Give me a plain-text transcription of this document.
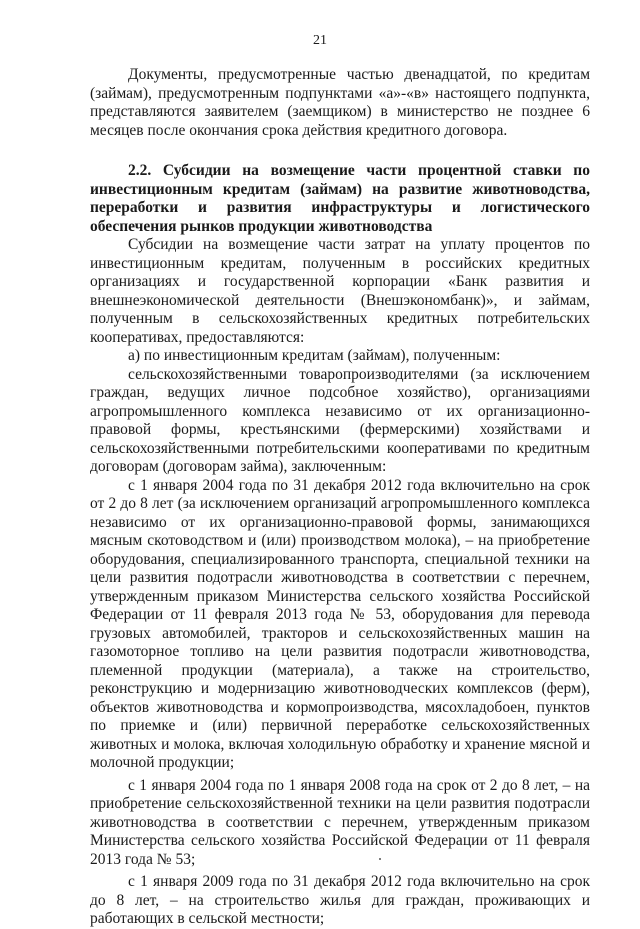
21

Документы, предусмотренные частью двенадцатой, по кредитам (займам), предусмотренным подпунктами «а»-«в» настоящего подпункта, представляются заявителем (заемщиком) в министерство не позднее 6 месяцев после окончания срока действия кредитного договора.

2.2. Субсидии на возмещение части процентной ставки по инвестиционным кредитам (займам) на развитие животноводства, переработки и развития инфраструктуры и логистического обеспечения рынков продукции животноводства

Субсидии на возмещение части затрат на уплату процентов по инвестиционным кредитам, полученным в российских кредитных организациях и государственной корпорации «Банк развития и внешнеэкономической деятельности (Внешэкономбанк)», и займам, полученным в сельскохозяйственных кредитных потребительских кооперативах, предоставляются:

а) по инвестиционным кредитам (займам), полученным:

сельскохозяйственными товаропроизводителями (за исключением граждан, ведущих личное подсобное хозяйство), организациями агропромышленного комплекса независимо от их организационно-правовой формы, крестьянскими (фермерскими) хозяйствами и сельскохозяйственными потребительскими кооперативами по кредитным договорам (договорам займа), заключенным:

с 1 января 2004 года по 31 декабря 2012 года включительно на срок от 2 до 8 лет (за исключением организаций агропромышленного комплекса независимо от их организационно-правовой формы, занимающихся мясным скотоводством и (или) производством молока), – на приобретение оборудования, специализированного транспорта, специальной техники на цели развития подотрасли животноводства в соответствии с перечнем, утвержденным приказом Министерства сельского хозяйства Российской Федерации от 11 февраля 2013 года № 53, оборудования для перевода грузовых автомобилей, тракторов и сельскохозяйственных машин на газомоторное топливо на цели развития подотрасли животноводства, племенной продукции (материала), а также на строительство, реконструкцию и модернизацию животноводческих комплексов (ферм), объектов животноводства и кормопроизводства, мясохладобоен, пунктов по приемке и (или) первичной переработке сельскохозяйственных животных и молока, включая холодильную обработку и хранение мясной и молочной продукции;

с 1 января 2004 года по 1 января 2008 года на срок от 2 до 8 лет, – на приобретение сельскохозяйственной техники на цели развития подотрасли животноводства в соответствии с перечнем, утвержденным приказом Министерства сельского хозяйства Российской Федерации от 11 февраля 2013 года № 53;

с 1 января 2009 года по 31 декабря 2012 года включительно на срок до 8 лет, – на строительство жилья для граждан, проживающих и работающих в сельской местности;
